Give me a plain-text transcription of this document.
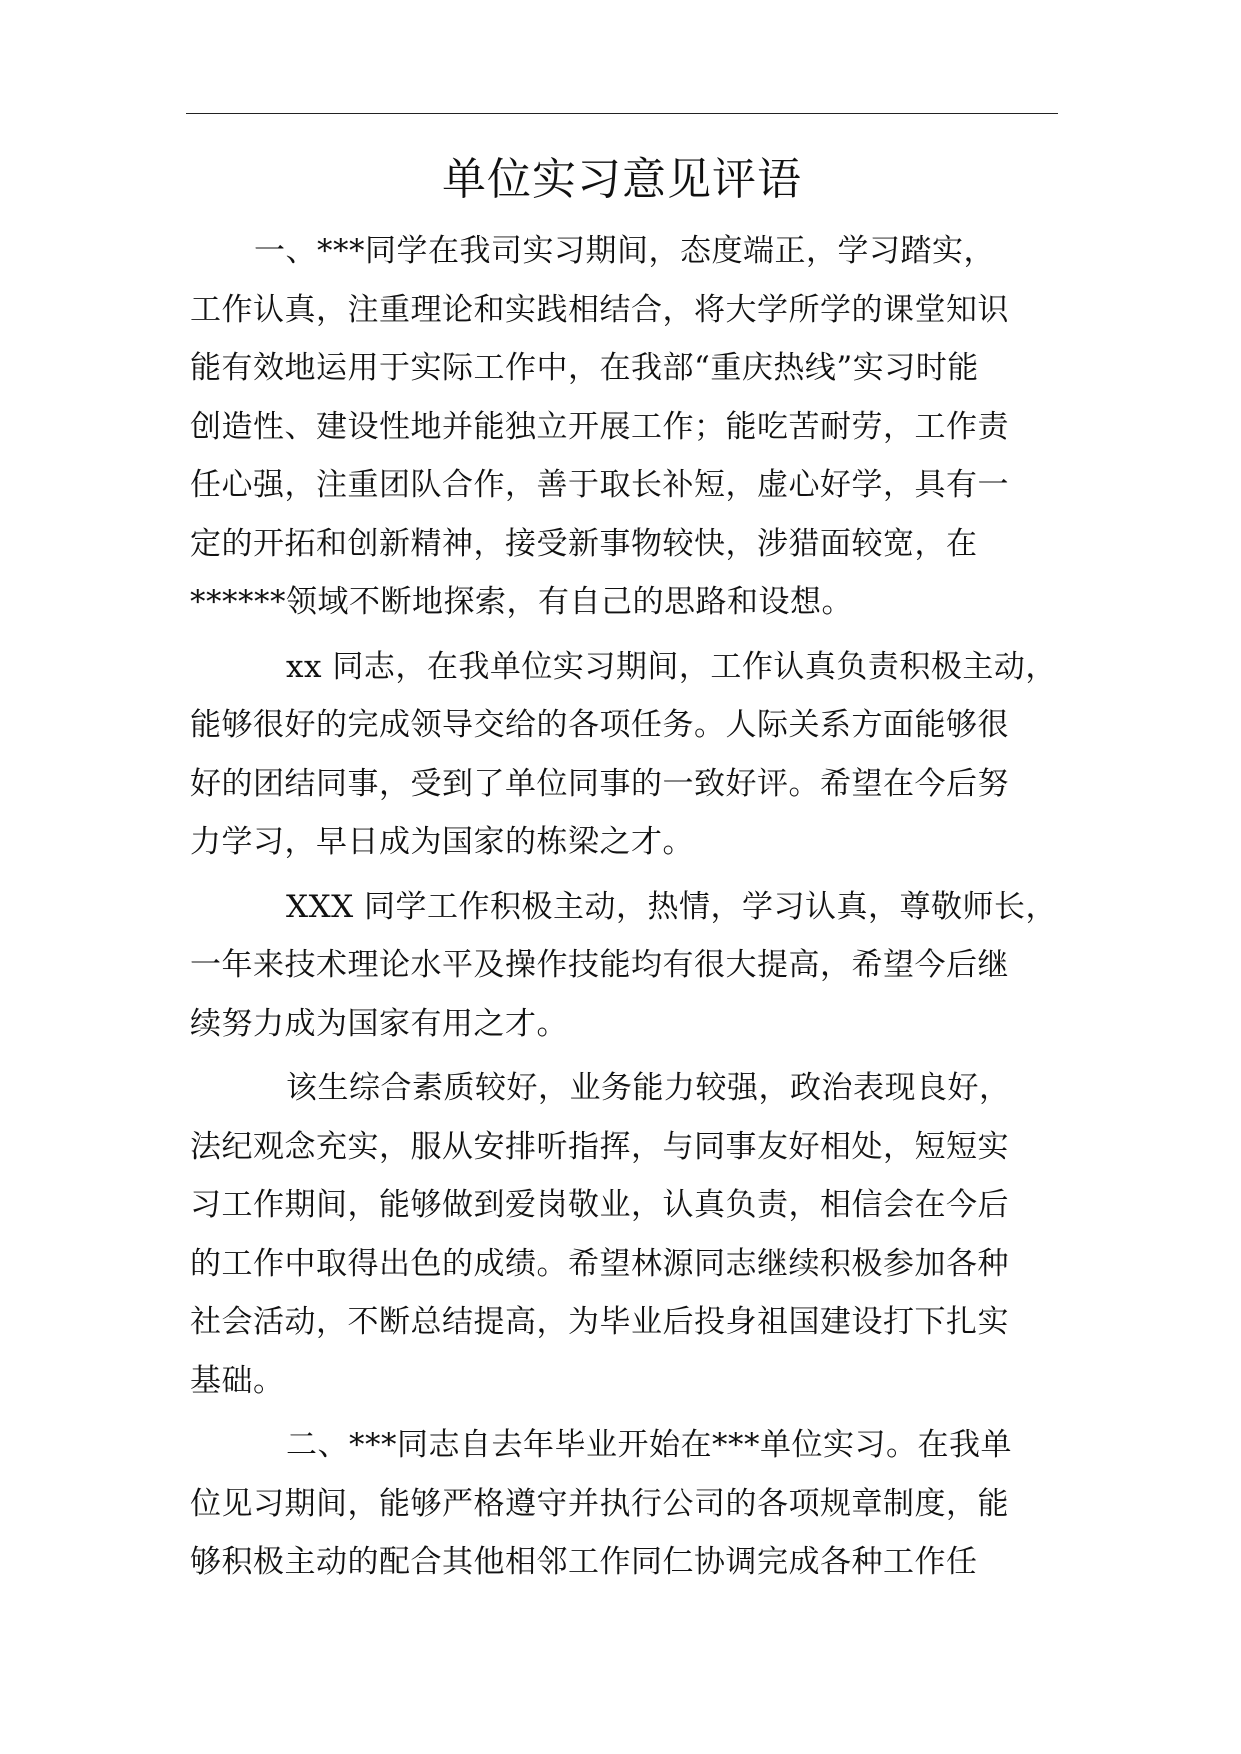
单位实习意见评语

一、***同学在我司实习期间，态度端正，学习踏实，
工作认真，注重理论和实践相结合，将大学所学的课堂知识
能有效地运用于实际工作中，在我部“重庆热线”实习时能
创造性、建设性地并能独立开展工作；能吃苦耐劳，工作责
任心强，注重团队合作，善于取长补短，虚心好学，具有一
定的开拓和创新精神，接受新事物较快，涉猎面较宽，在
******领域不断地探索，有自己的思路和设想。

xx 同志，在我单位实习期间，工作认真负责积极主动，
能够很好的完成领导交给的各项任务。人际关系方面能够很
好的团结同事，受到了单位同事的一致好评。希望在今后努
力学习，早日成为国家的栋梁之才。

XXX 同学工作积极主动，热情，学习认真，尊敬师长，
一年来技术理论水平及操作技能均有很大提高，希望今后继
续努力成为国家有用之才。

该生综合素质较好，业务能力较强，政治表现良好，
法纪观念充实，服从安排听指挥，与同事友好相处，短短实
习工作期间，能够做到爱岗敬业，认真负责，相信会在今后
的工作中取得出色的成绩。希望林源同志继续积极参加各种
社会活动，不断总结提高，为毕业后投身祖国建设打下扎实
基础。

二、***同志自去年毕业开始在***单位实习。在我单
位见习期间，能够严格遵守并执行公司的各项规章制度，能
够积极主动的配合其他相邻工作同仁协调完成各种工作任
